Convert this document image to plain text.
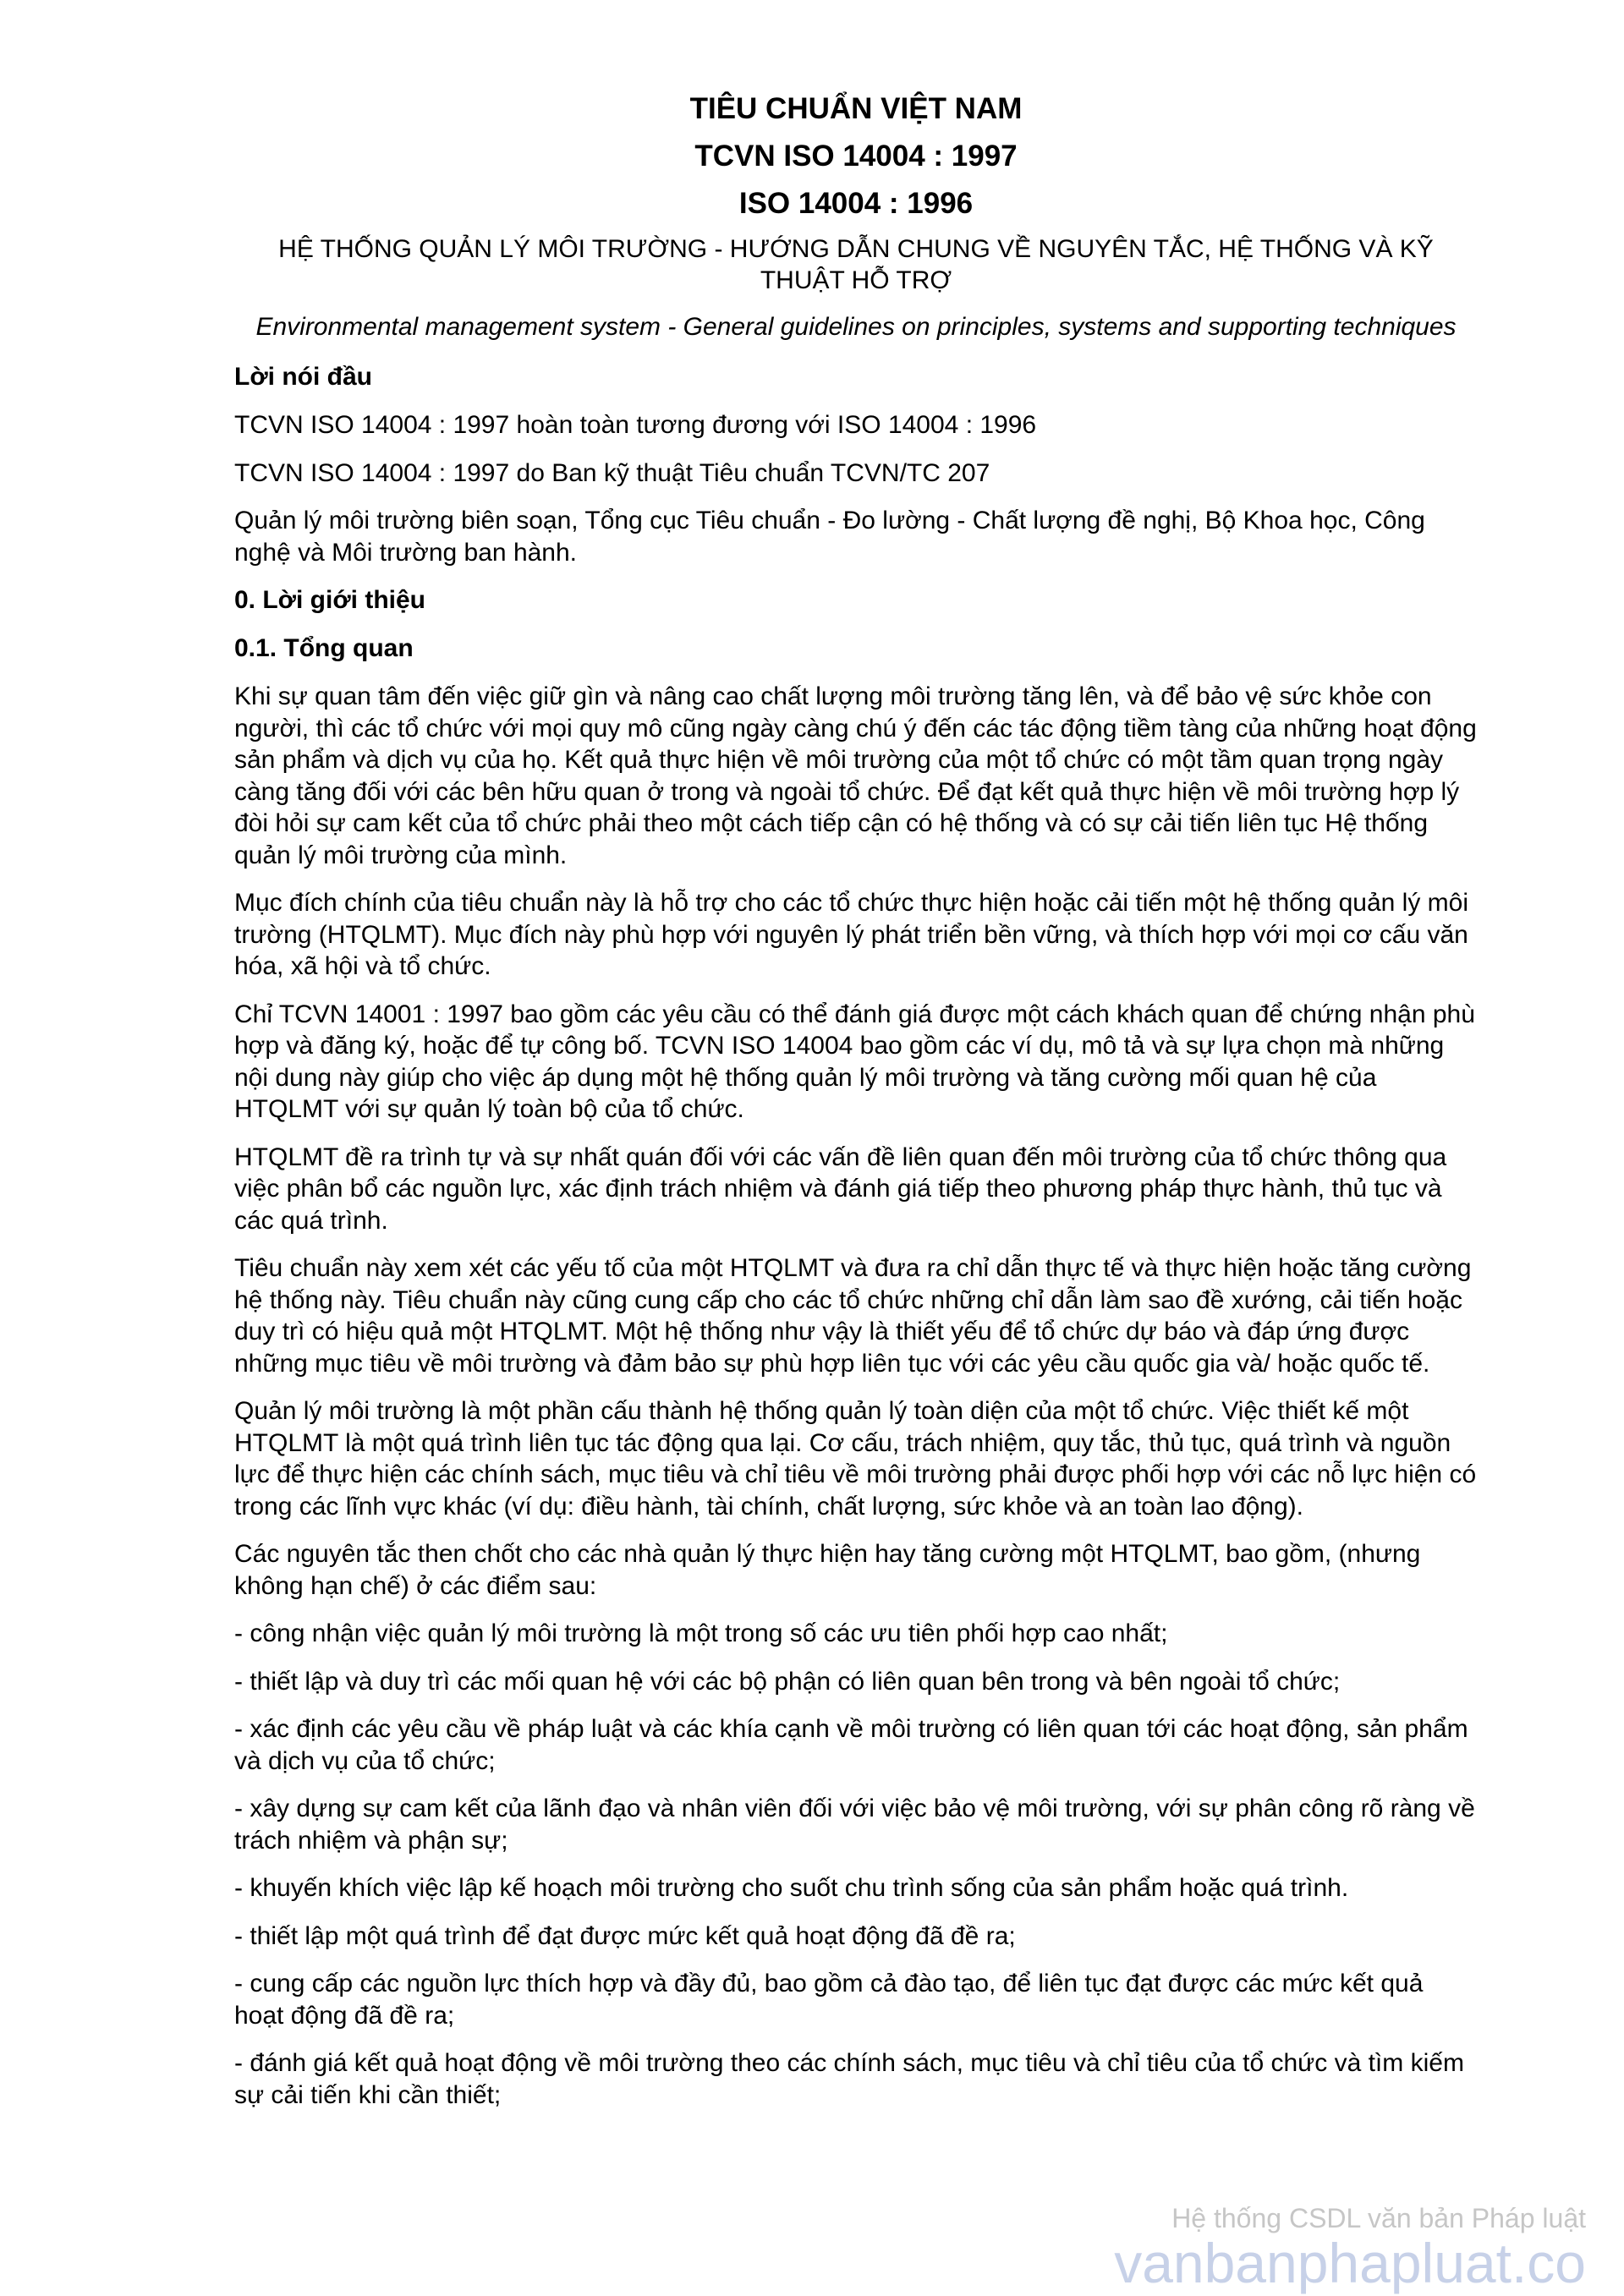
TIÊU CHUẨN VIỆT NAM
TCVN ISO 14004 : 1997
ISO 14004 : 1996
HỆ THỐNG QUẢN LÝ MÔI TRƯỜNG - HƯỚNG DẪN CHUNG VỀ NGUYÊN TẮC, HỆ THỐNG VÀ KỸ THUẬT HỖ TRỢ
Environmental management system - General guidelines on principles, systems and supporting techniques
Lời nói đầu

TCVN ISO 14004 : 1997 hoàn toàn tương đương với ISO 14004 : 1996

TCVN ISO 14004 : 1997 do Ban kỹ thuật Tiêu chuẩn TCVN/TC 207

Quản lý môi trường biên soạn, Tổng cục Tiêu chuẩn - Đo lường - Chất lượng đề nghị, Bộ Khoa học, Công nghệ và Môi trường ban hành.

0. Lời giới thiệu
0.1. Tổng quan

Khi sự quan tâm đến việc giữ gìn và nâng cao chất lượng môi trường tăng lên, và để bảo vệ sức khỏe con người, thì các tổ chức với mọi quy mô cũng ngày càng chú ý đến các tác động tiềm tàng của những hoạt động sản phẩm và dịch vụ của họ. Kết quả thực hiện về môi trường của một tổ chức có một tầm quan trọng ngày càng tăng đối với các bên hữu quan ở trong và ngoài tổ chức. Để đạt kết quả thực hiện về môi trường hợp lý đòi hỏi sự cam kết của tổ chức phải theo một cách tiếp cận có hệ thống và có sự cải tiến liên tục Hệ thống quản lý môi trường của mình.

Mục đích chính của tiêu chuẩn này là hỗ trợ cho các tổ chức thực hiện hoặc cải tiến một hệ thống quản lý môi trường (HTQLMT). Mục đích này phù hợp với nguyên lý phát triển bền vững, và thích hợp với mọi cơ cấu văn hóa, xã hội và tổ chức.

Chỉ TCVN 14001 : 1997 bao gồm các yêu cầu có thể đánh giá được một cách khách quan để chứng nhận phù hợp và đăng ký, hoặc để tự công bố. TCVN ISO 14004 bao gồm các ví dụ, mô tả và sự lựa chọn mà những nội dung này giúp cho việc áp dụng một hệ thống quản lý môi trường và tăng cường mối quan hệ của HTQLMT với sự quản lý toàn bộ của tổ chức.

HTQLMT đề ra trình tự và sự nhất quán đối với các vấn đề liên quan đến môi trường của tổ chức thông qua việc phân bổ các nguồn lực, xác định trách nhiệm và đánh giá tiếp theo phương pháp thực hành, thủ tục và các quá trình.

Tiêu chuẩn này xem xét các yếu tố của một HTQLMT và đưa ra chỉ dẫn thực tế và thực hiện hoặc tăng cường hệ thống này. Tiêu chuẩn này cũng cung cấp cho các tổ chức những chỉ dẫn làm sao đề xướng, cải tiến hoặc duy trì có hiệu quả một HTQLMT. Một hệ thống như vậy là thiết yếu để tổ chức dự báo và đáp ứng được những mục tiêu về môi trường và đảm bảo sự phù hợp liên tục với các yêu cầu quốc gia và/ hoặc quốc tế.

Quản lý môi trường là một phần cấu thành hệ thống quản lý toàn diện của một tổ chức. Việc thiết kế một HTQLMT là một quá trình liên tục tác động qua lại. Cơ cấu, trách nhiệm, quy tắc, thủ tục, quá trình và nguồn lực để thực hiện các chính sách, mục tiêu và chỉ tiêu về môi trường phải được phối hợp với các nỗ lực hiện có trong các lĩnh vực khác (ví dụ: điều hành, tài chính, chất lượng, sức khỏe và an toàn lao động).

Các nguyên tắc then chốt cho các nhà quản lý thực hiện hay tăng cường một HTQLMT, bao gồm, (nhưng không hạn chế) ở các điểm sau:

- công nhận việc quản lý môi trường là một trong số các ưu tiên phối hợp cao nhất;

- thiết lập và duy trì các mối quan hệ với các bộ phận có liên quan bên trong và bên ngoài tổ chức;

- xác định các yêu cầu về pháp luật và các khía cạnh về môi trường có liên quan tới các hoạt động, sản phẩm và dịch vụ của tổ chức;

- xây dựng sự cam kết của lãnh đạo và nhân viên đối với việc bảo vệ môi trường, với sự phân công rõ ràng về trách nhiệm và phận sự;

- khuyến khích việc lập kế hoạch môi trường cho suốt chu trình sống của sản phẩm hoặc quá trình.

- thiết lập một quá trình để đạt được mức kết quả hoạt động đã đề ra;

- cung cấp các nguồn lực thích hợp và đầy đủ, bao gồm cả đào tạo, để liên tục đạt được các mức kết quả hoạt động đã đề ra;

- đánh giá kết quả hoạt động về môi trường theo các chính sách, mục tiêu và chỉ tiêu của tổ chức và tìm kiếm sự cải tiến khi cần thiết;

Hệ thống CSDL văn bản Pháp luật
vanbanphapluat.co
